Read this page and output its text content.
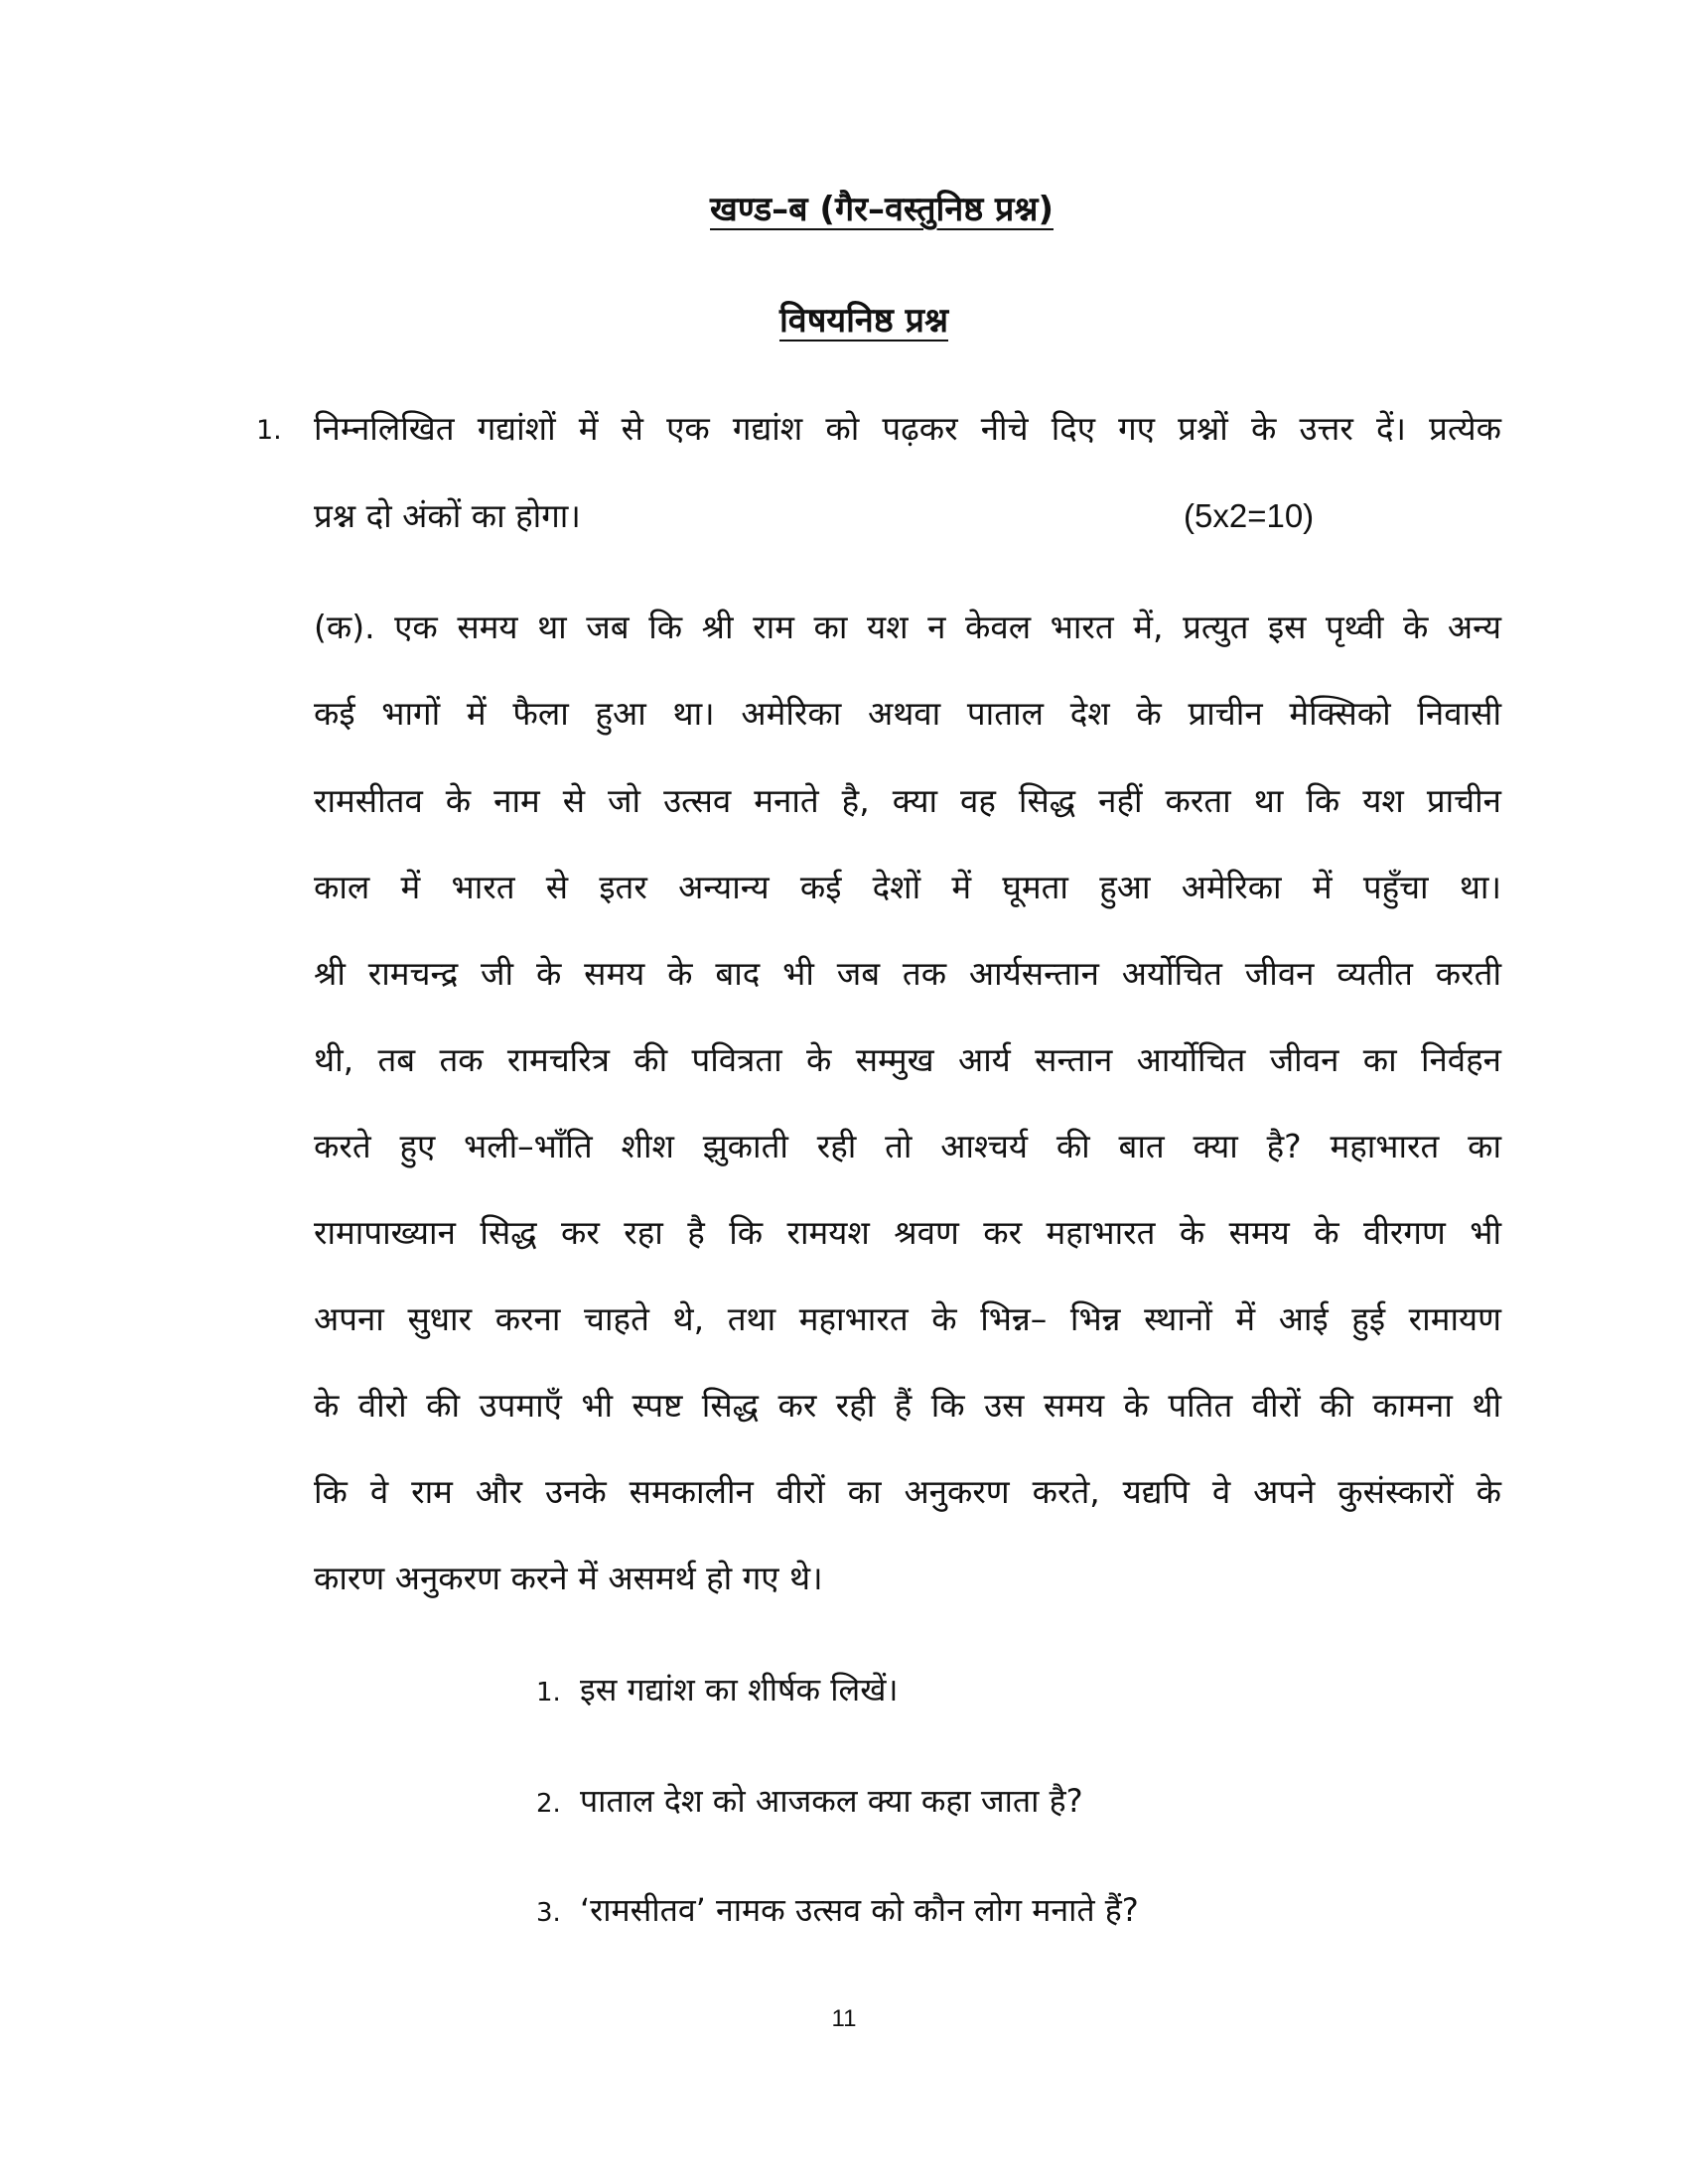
खण्ड–ब (गैर–वस्तुनिष्ठ प्रश्न)
विषयनिष्ठ प्रश्न
1. निम्नलिखित गद्यांशों में से एक गद्यांश को पढ़कर नीचे दिए गए प्रश्नों के उत्तर दें। प्रत्येक
प्रश्न दो अंकों का होगा।	(5x2=10)
(क). एक समय था जब कि श्री राम का यश न केवल भारत में, प्रत्युत इस पृथ्वी के अन्य
कई भागों में फैला हुआ था। अमेरिका अथवा पाताल देश के प्राचीन मेक्सिको निवासी
रामसीतव के नाम से जो उत्सव मनाते है, क्या वह सिद्ध नहीं करता था कि यश प्राचीन
काल में भारत से इतर अन्यान्य कई देशों में घूमता हुआ अमेरिका में पहुँचा था।
श्री रामचन्द्र जी के समय के बाद भी जब तक आर्यसन्तान अर्योचित जीवन व्यतीत करती
थी, तब तक रामचरित्र की पवित्रता के सम्मुख आर्य सन्तान आर्योचित जीवन का निर्वहन
करते हुए भली–भाँति शीश झुकाती रही तो आश्चर्य की बात क्या है? महाभारत का
रामापाख्यान सिद्ध कर रहा है कि रामयश श्रवण कर महाभारत के समय के वीरगण भी
अपना सुधार करना चाहते थे, तथा महाभारत के भिन्न– भिन्न स्थानों में आई हुई रामायण
के वीरो की उपमाएँ भी स्पष्ट सिद्ध कर रही हैं कि उस समय के पतित वीरों की कामना थी
कि वे राम और उनके समकालीन वीरों का अनुकरण करते, यद्यपि वे अपने कुसंस्कारों के
कारण अनुकरण करने में असमर्थ हो गए थे।
1. इस गद्यांश का शीर्षक लिखें।
2. पाताल देश को आजकल क्या कहा जाता है?
3. ‘रामसीतव’ नामक उत्सव को कौन लोग मनाते हैं?
11
